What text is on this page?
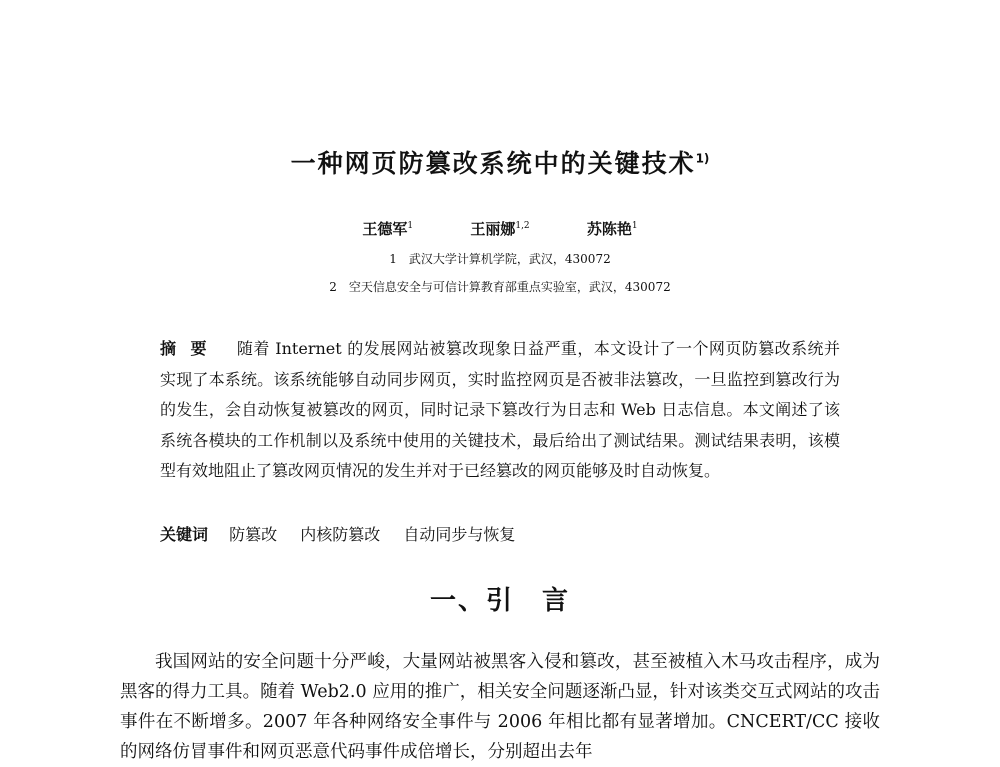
一种网页防篡改系统中的关键技术$^{1)}$
王德军$^1$	王丽娜$^{1,2}$	苏陈艳$^1$
1　武汉大学计算机学院，武汉，430072
2　空天信息安全与可信计算教育部重点实验室，武汉，430072
摘要 随着 Internet 的发展网站被篡改现象日益严重，本文设计了一个网页防篡改系统并实现了本系统。该系统能够自动同步网页，实时监控网页是否被非法篡改，一旦监控到篡改行为的发生，会自动恢复被篡改的网页，同时记录下篡改行为日志和 Web 日志信息。本文阐述了该系统各模块的工作机制以及系统中使用的关键技术，最后给出了测试结果。测试结果表明，该模型有效地阻止了篡改网页情况的发生并对于已经篡改的网页能够及时自动恢复。
关键词 防篡改 内核防篡改 自动同步与恢复
一、引　言

我国网站的安全问题十分严峻，大量网站被黑客入侵和篡改，甚至被植入木马攻击程序，成为黑客的得力工具。随着 Web2.0 应用的推广，相关安全问题逐渐凸显，针对该类交互式网站的攻击事件在不断增多。2007 年各种网络安全事件与 2006 年相比都有显著增加。CNCERT/CC 接收的网络仿冒事件和网页恶意代码事件成倍增长，分别超出去年
